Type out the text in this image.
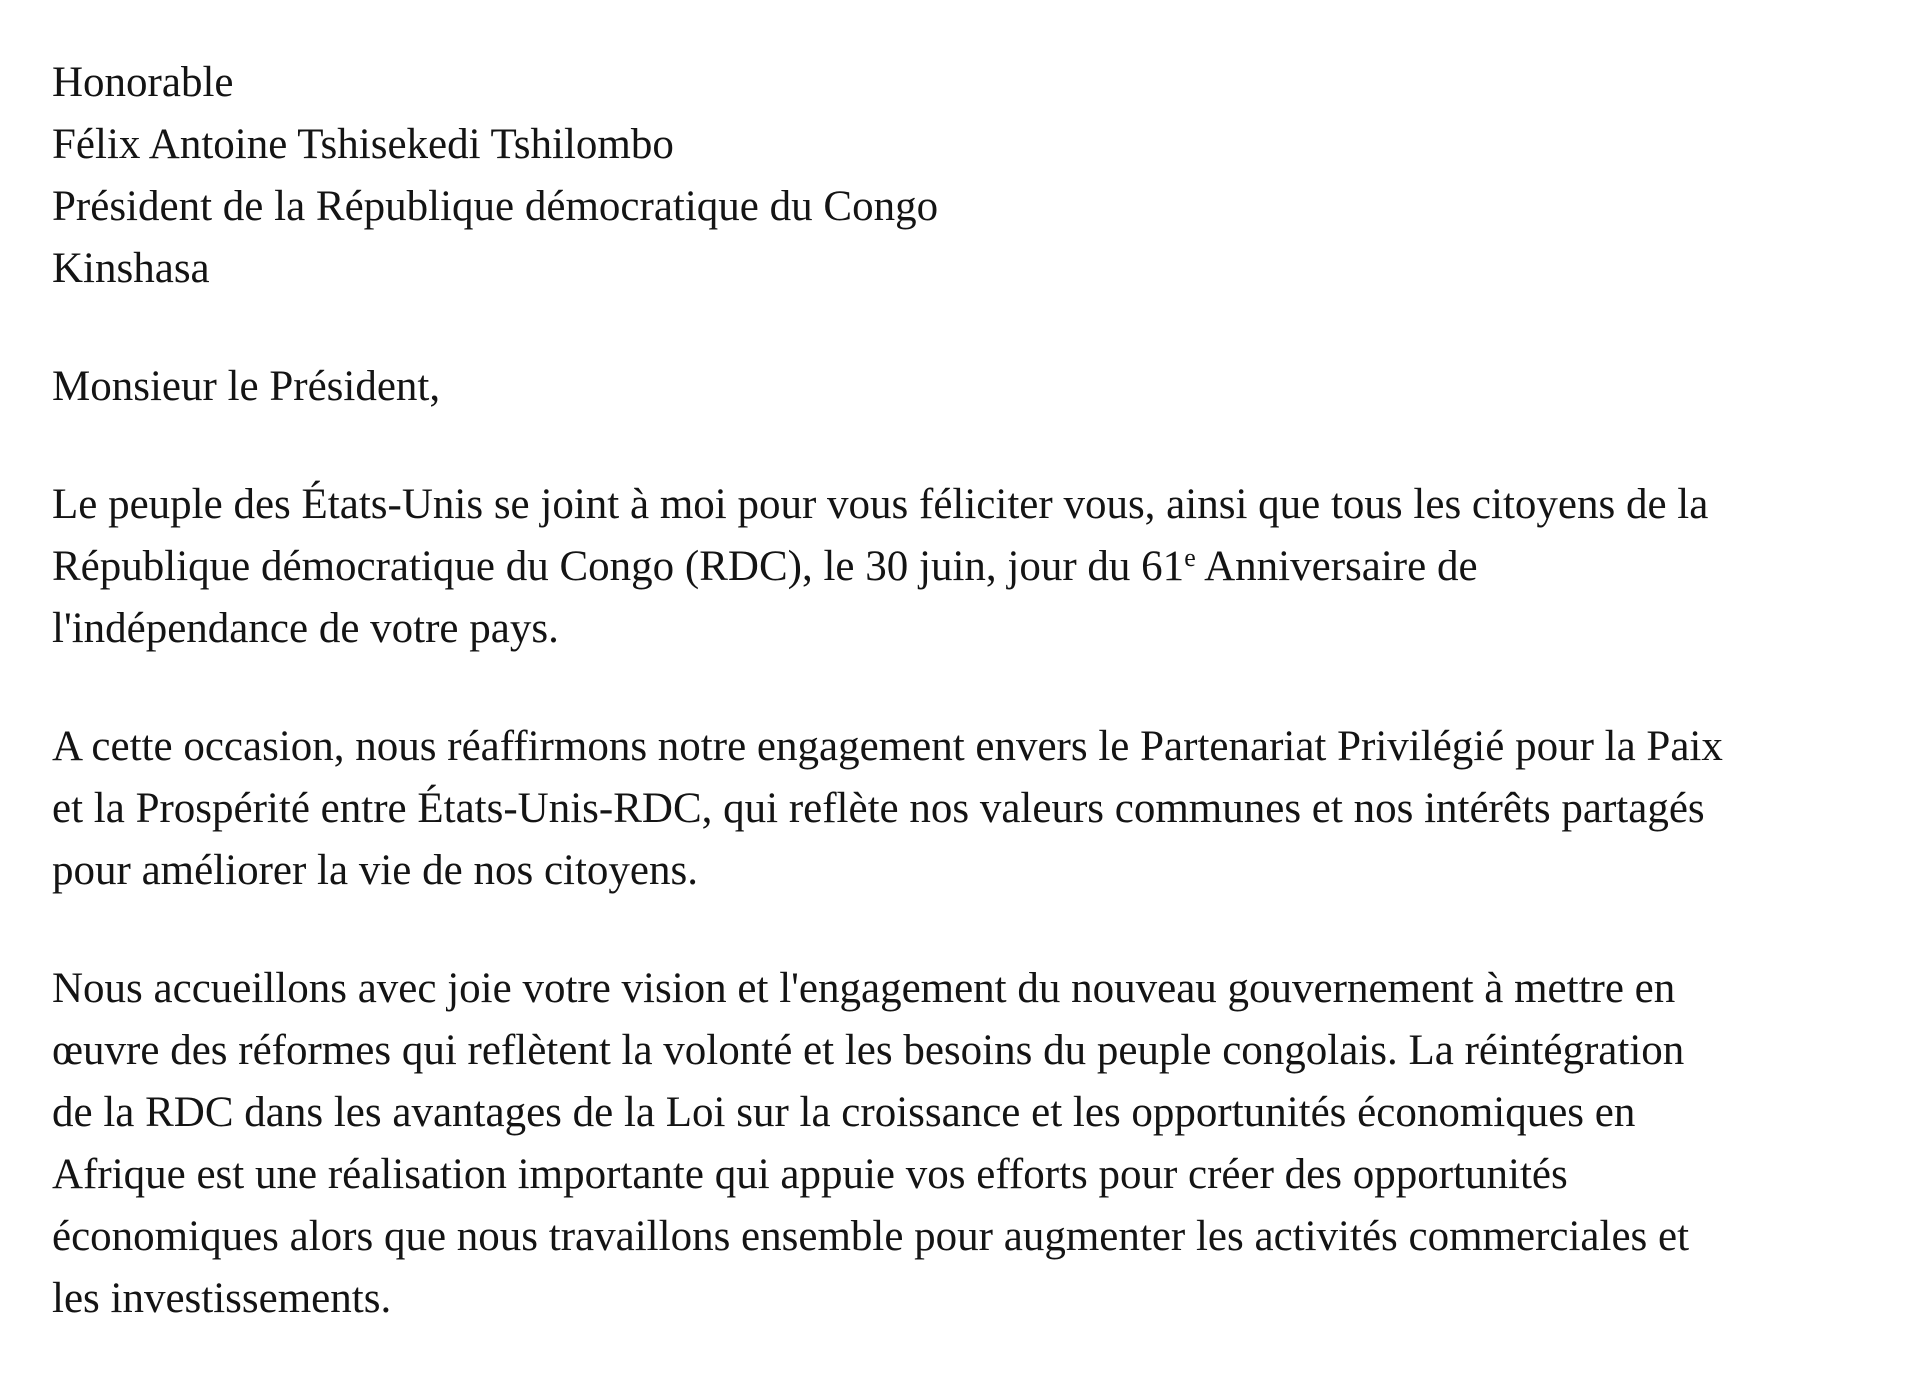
Honorable
Félix Antoine Tshisekedi Tshilombo
Président de la République démocratique du Congo
Kinshasa
Monsieur le Président,
Le peuple des États-Unis se joint à moi pour vous féliciter vous, ainsi que tous les citoyens de la
République démocratique du Congo (RDC), le 30 juin, jour du 61e Anniversaire de
l'indépendance de votre pays.
A cette occasion, nous réaffirmons notre engagement envers le Partenariat Privilégié pour la Paix
et la Prospérité entre États-Unis-RDC, qui reflète nos valeurs communes et nos intérêts partagés
pour améliorer la vie de nos citoyens.
Nous accueillons avec joie votre vision et l'engagement du nouveau gouvernement à mettre en
œuvre des réformes qui reflètent la volonté et les besoins du peuple congolais. La réintégration
de la RDC dans les avantages de la Loi sur la croissance et les opportunités économiques en
Afrique est une réalisation importante qui appuie vos efforts pour créer des opportunités
économiques alors que nous travaillons ensemble pour augmenter les activités commerciales et
les investissements.
